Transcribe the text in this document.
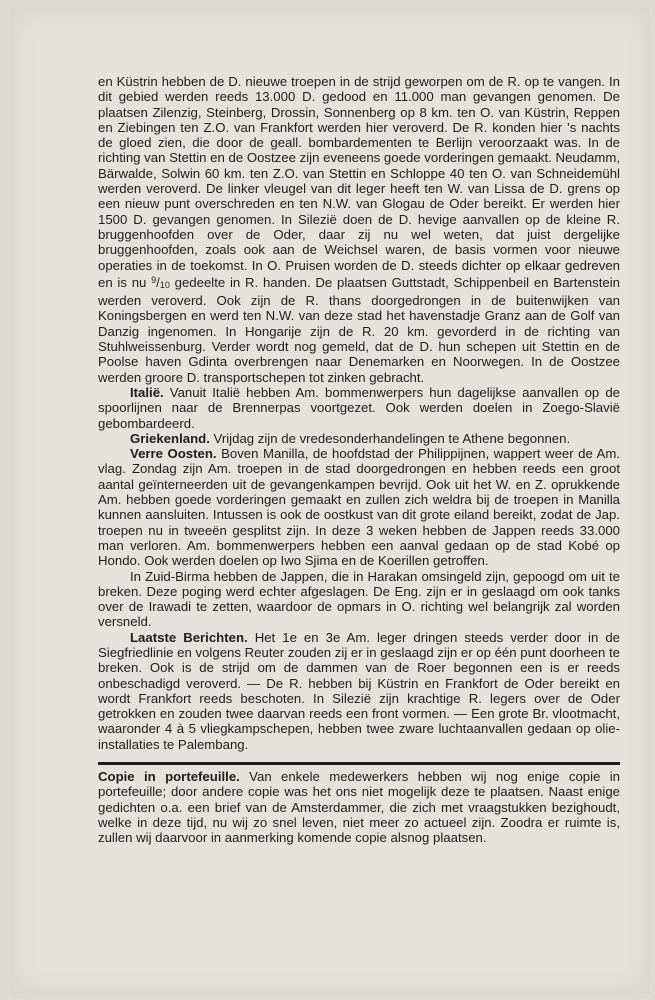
en Küstrin hebben de D. nieuwe troepen in de strijd geworpen om de R. op te vangen. In dit gebied werden reeds 13.000 D. gedood en 11.000 man gevangen genomen. De plaatsen Zilenzig, Steinberg, Drossin, Sonnenberg op 8 km. ten O. van Küstrin, Reppen en Ziebingen ten Z.O. van Frankfort werden hier veroverd. De R. konden hier 's nachts de gloed zien, die door de geall. bombardementen te Berlijn veroorzaakt was. In de richting van Stettin en de Oostzee zijn eveneens goede vorderingen gemaakt. Neudamm, Bärwalde, Solwin 60 km. ten Z.O. van Stettin en Schloppe 40 ten O. van Schneidemühl werden veroverd. De linker vleugel van dit leger heeft ten W. van Lissa de D. grens op een nieuw punt overschreden en ten N.W. van Glogau de Oder bereikt. Er werden hier 1500 D. gevangen genomen. In Silezië doen de D. hevige aanvallen op de kleine R. bruggenhoofden over de Oder, daar zij nu wel weten, dat juist dergelijke bruggenhoofden, zoals ook aan de Weichsel waren, de basis vormen voor nieuwe operaties in de toekomst. In O. Pruisen worden de D. steeds dichter op elkaar gedreven en is nu $^9$/10 gedeelte in R. handen. De plaatsen Guttstadt, Schippenbeil en Bartenstein werden veroverd. Ook zijn de R. thans doorgedrongen in de buitenwijken van Koningsbergen en werd ten N.W. van deze stad het havenstadje Granz aan de Golf van Danzig ingenomen. In Hongarije zijn de R. 20 km. gevorderd in de richting van Stuhlweissenburg. Verder wordt nog gemeld, dat de D. hun schepen uit Stettin en de Poolse haven Gdinta overbrengen naar Denemarken en Noorwegen. In de Oostzee werden groore D. transportschepen tot zinken gebracht.

Italië. Vanuit Italië hebben Am. bommenwerpers hun dagelijkse aanvallen op de spoorlijnen naar de Brennerpas voortgezet. Ook werden doelen in Zoego-Slavië gebombardeerd.

Griekenland. Vrijdag zijn de vredesonderhandelingen te Athene begonnen.

Verre Oosten. Boven Manilla, de hoofdstad der Philippijnen, wappert weer de Am. vlag. Zondag zijn Am. troepen in de stad doorgedrongen en hebben reeds een groot aantal geïnterneerden uit de gevangenkampen bevrijd. Ook uit het W. en Z. oprukkende Am. hebben goede vorderingen gemaakt en zullen zich weldra bij de troepen in Manilla kunnen aansluiten. Intussen is ook de oostkust van dit grote eiland bereikt, zodat de Jap. troepen nu in tweeën gesplitst zijn. In deze 3 weken hebben de Jappen reeds 33.000 man verloren. Am. bommenwerpers hebben een aanval gedaan op de stad Kobé op Hondo. Ook werden doelen op Iwo Sjima en de Koerillen getroffen.

In Zuid-Birma hebben de Jappen, die in Harakan omsingeld zijn, gepoogd om uit te breken. Deze poging werd echter afgeslagen. De Eng. zijn er in geslaagd om ook tanks over de Irawadi te zetten, waardoor de opmars in O. richting wel belangrijk zal worden versneld.

Laatste Berichten. Het 1e en 3e Am. leger dringen steeds verder door in de Siegfriedlinie en volgens Reuter zouden zij er in geslaagd zijn er op één punt doorheen te breken. Ook is de strijd om de dammen van de Roer begonnen een is er reeds onbeschadigd veroverd. — De R. hebben bij Küstrin en Frankfort de Oder bereikt en wordt Frankfort reeds beschoten. In Silezië zijn krachtige R. legers over de Oder getrokken en zouden twee daarvan reeds een front vormen. — Een grote Br. vlootmacht, waaronder 4 à 5 vliegkampschepen, hebben twee zware luchtaanvallen gedaan op olie-installaties te Palembang.

Copie in portefeuille. Van enkele medewerkers hebben wij nog enige copie in portefeuille; door andere copie was het ons niet mogelijk deze te plaatsen. Naast enige gedichten o.a. een brief van de Amsterdammer, die zich met vraagstukken bezighoudt, welke in deze tijd, nu wij zo snel leven, niet meer zo actueel zijn. Zoodra er ruimte is, zullen wij daarvoor in aanmerking komende copie alsnog plaatsen.
